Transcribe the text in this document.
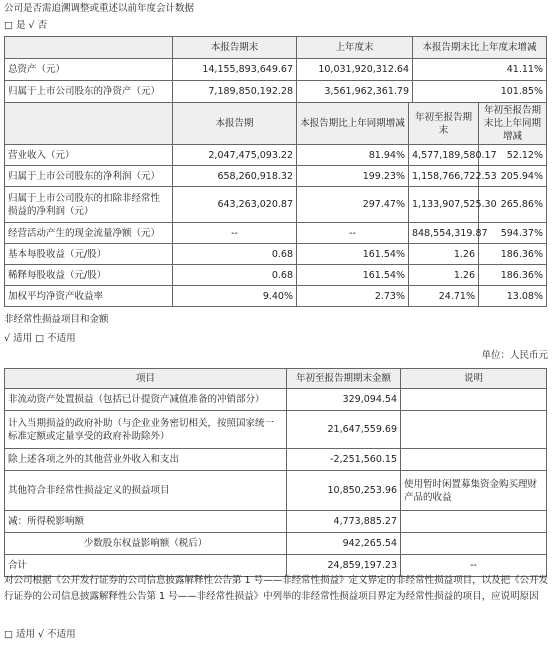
公司是否需追溯调整或重述以前年度会计数据
□ 是 √ 否
	本报告期末	上年度末	本报告期末比上年度末增减
总资产（元）	14,155,893,649.67	10,031,920,312.64	41.11%
归属于上市公司股东的净资产（元）	7,189,850,192.28	3,561,962,361.79	101.85%
	本报告期	本报告期比上年同期增减	年初至报告期末	年初至报告期末比上年同期增减
营业收入（元）	2,047,475,093.22	81.94%	4,577,189,580.17	52.12%
归属于上市公司股东的净利润（元）	658,260,918.32	199.23%	1,158,766,722.53	205.94%
归属于上市公司股东的扣除非经常性损益的净利润（元）	643,263,020.87	297.47%	1,133,907,525.30	265.86%
经营活动产生的现金流量净额（元）	--	--	848,554,319.87	594.37%
基本每股收益（元/股）	0.68	161.54%	1.26	186.36%
稀释每股收益（元/股）	0.68	161.54%	1.26	186.36%
加权平均净资产收益率	9.40%	2.73%	24.71%	13.08%
非经常性损益项目和金额
√ 适用 □ 不适用
单位：人民币元
项目	年初至报告期期末金额	说明
非流动资产处置损益（包括已计提资产减值准备的冲销部分）	329,094.54	
计入当期损益的政府补助（与企业业务密切相关，按照国家统一标准定额或定量享受的政府补助除外）	21,647,559.69	
除上述各项之外的其他营业外收入和支出	-2,251,560.15	
其他符合非经常性损益定义的损益项目	10,850,253.96	使用暂时闲置募集资金购买理财产品的收益
减：所得税影响额	4,773,885.27	
少数股东权益影响额（税后）	942,265.54	
合计	24,859,197.23	--
对公司根据《公开发行证券的公司信息披露解释性公告第 1 号——非经常性损益》定义界定的非经常性损益项目，以及把《公开发行证券的公司信息披露解释性公告第 1 号——非经常性损益》中列举的非经常性损益项目界定为经常性损益的项目，应说明原因
□ 适用 √ 不适用
